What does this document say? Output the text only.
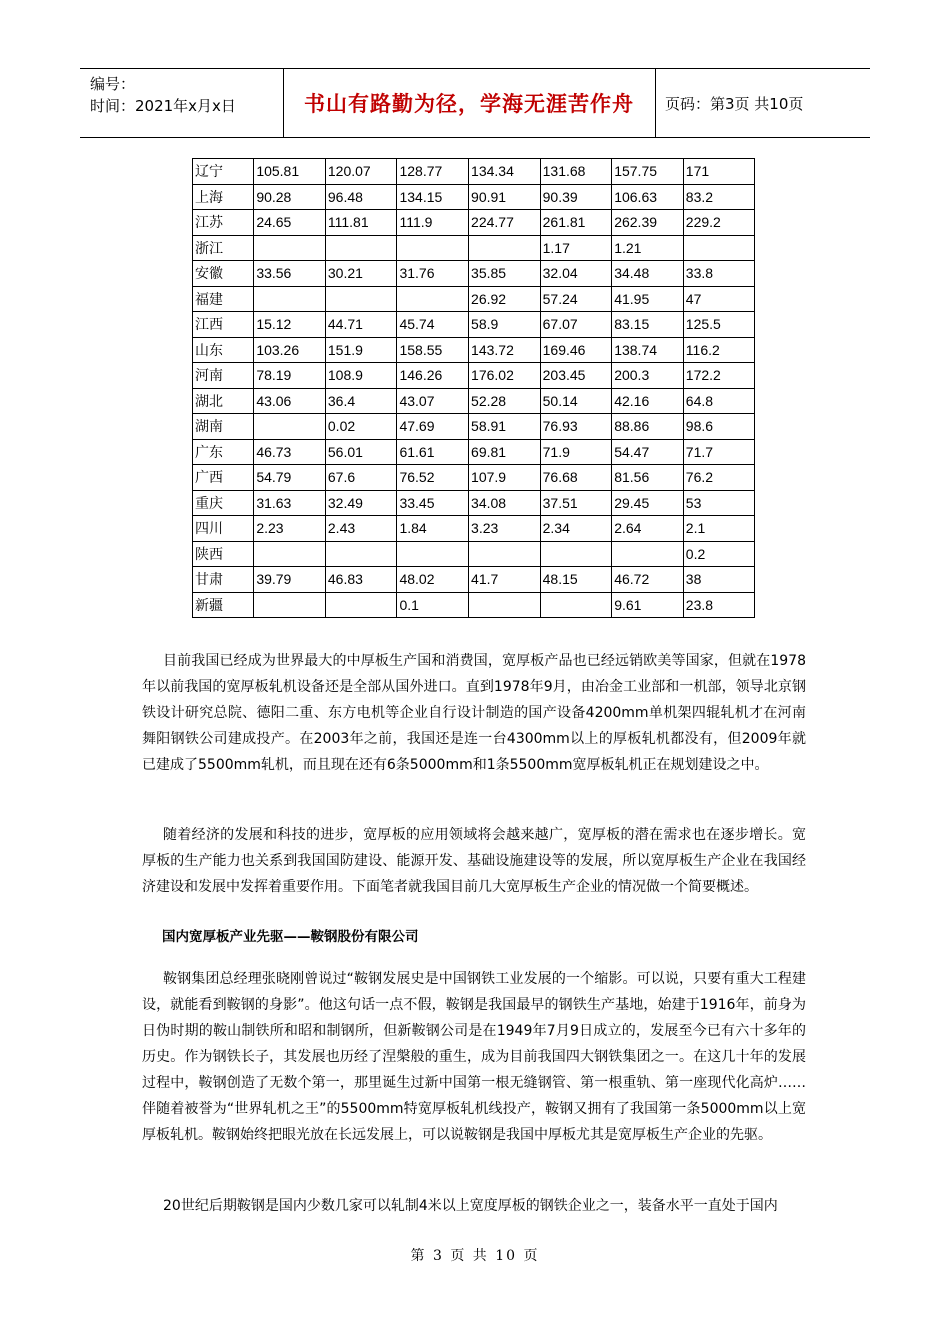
编号：
时间：2021年x月x日	书山有路勤为径，学海无涯苦作舟	页码：第3页 共10页
辽宁	105.81	120.07	128.77	134.34	131.68	157.75	171
上海	90.28	96.48	134.15	90.91	90.39	106.63	83.2
江苏	24.65	111.81	111.9	224.77	261.81	262.39	229.2
浙江					1.17	1.21	
安徽	33.56	30.21	31.76	35.85	32.04	34.48	33.8
福建				26.92	57.24	41.95	47
江西	15.12	44.71	45.74	58.9	67.07	83.15	125.5
山东	103.26	151.9	158.55	143.72	169.46	138.74	116.2
河南	78.19	108.9	146.26	176.02	203.45	200.3	172.2
湖北	43.06	36.4	43.07	52.28	50.14	42.16	64.8
湖南		0.02	47.69	58.91	76.93	88.86	98.6
广东	46.73	56.01	61.61	69.81	71.9	54.47	71.7
广西	54.79	67.6	76.52	107.9	76.68	81.56	76.2
重庆	31.63	32.49	33.45	34.08	37.51	29.45	53
四川	2.23	2.43	1.84	3.23	2.34	2.64	2.1
陕西							0.2
甘肃	39.79	46.83	48.02	41.7	48.15	46.72	38
新疆			0.1			9.61	23.8
目前我国已经成为世界最大的中厚板生产国和消费国，宽厚板产品也已经远销欧美等国家，但就在1978年以前我国的宽厚板轧机设备还是全部从国外进口。直到1978年9月，由冶金工业部和一机部，领导北京钢铁设计研究总院、德阳二重、东方电机等企业自行设计制造的国产设备4200mm单机架四辊轧机才在河南舞阳钢铁公司建成投产。在2003年之前，我国还是连一台4300mm以上的厚板轧机都没有，但2009年就已建成了5500mm轧机，而且现在还有6条5000mm和1条5500mm宽厚板轧机正在规划建设之中。
随着经济的发展和科技的进步，宽厚板的应用领域将会越来越广，宽厚板的潜在需求也在逐步增长。宽厚板的生产能力也关系到我国国防建设、能源开发、基础设施建设等的发展，所以宽厚板生产企业在我国经济建设和发展中发挥着重要作用。下面笔者就我国目前几大宽厚板生产企业的情况做一个简要概述。
国内宽厚板产业先驱——鞍钢股份有限公司
鞍钢集团总经理张晓刚曾说过“鞍钢发展史是中国钢铁工业发展的一个缩影。可以说，只要有重大工程建设，就能看到鞍钢的身影”。他这句话一点不假，鞍钢是我国最早的钢铁生产基地，始建于1916年，前身为日伪时期的鞍山制铁所和昭和制钢所，但新鞍钢公司是在1949年7月9日成立的，发展至今已有六十多年的历史。作为钢铁长子，其发展也历经了涅槃般的重生，成为目前我国四大钢铁集团之一。在这几十年的发展过程中，鞍钢创造了无数个第一，那里诞生过新中国第一根无缝钢管、第一根重轨、第一座现代化高炉……伴随着被誉为“世界轧机之王”的5500mm特宽厚板轧机线投产，鞍钢又拥有了我国第一条5000mm以上宽厚板轧机。鞍钢始终把眼光放在长远发展上，可以说鞍钢是我国中厚板尤其是宽厚板生产企业的先驱。
20世纪后期鞍钢是国内少数几家可以轧制4米以上宽度厚板的钢铁企业之一，装备水平一直处于国内
第 3 页 共 10 页
